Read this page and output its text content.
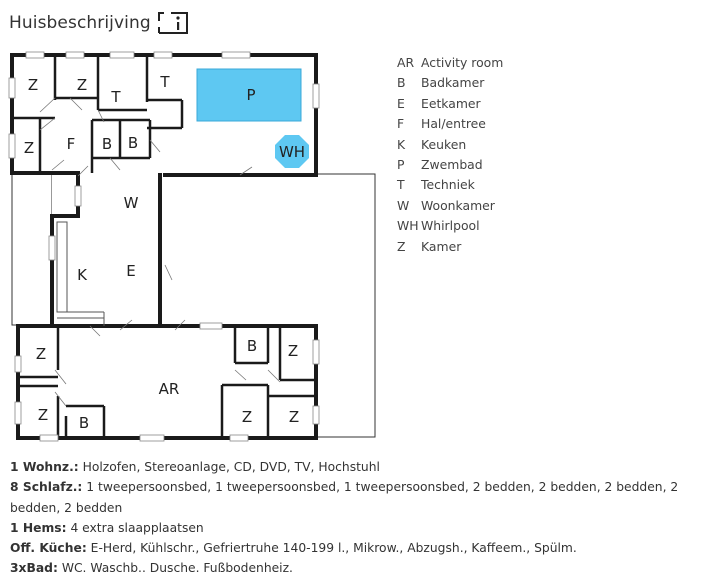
Huisbeschrijving
Z	Z
T
T
P
WH
Z F B B
W
K	E
Z
B
Z
AR
Z
B
Z Z
AR Activity room
B Badkamer
E Eetkamer
F Hal/entree
K Keuken
P Zwembad
T Techniek
W Woonkamer
WH Whirlpool
Z Kamer

1 Wohnz.: Holzofen, Stereoanlage, CD, DVD, TV, Hochstuhl

8 Schlafz.: 1 tweepersoonsbed, 1 tweepersoonsbed, 1 tweepersoonsbed, 2 bedden, 2 bedden, 2 bedden, 2 bedden, 2 bedden

1 Hems: 4 extra slaapplaatsen

Off. Küche: E-Herd, Kühlschr., Gefriertruhe 140-199 l., Mikrow., Abzugsh., Kaffeem., Spülm.

3xBad: WC. Waschb.. Dusche. Fußbodenheiz.
